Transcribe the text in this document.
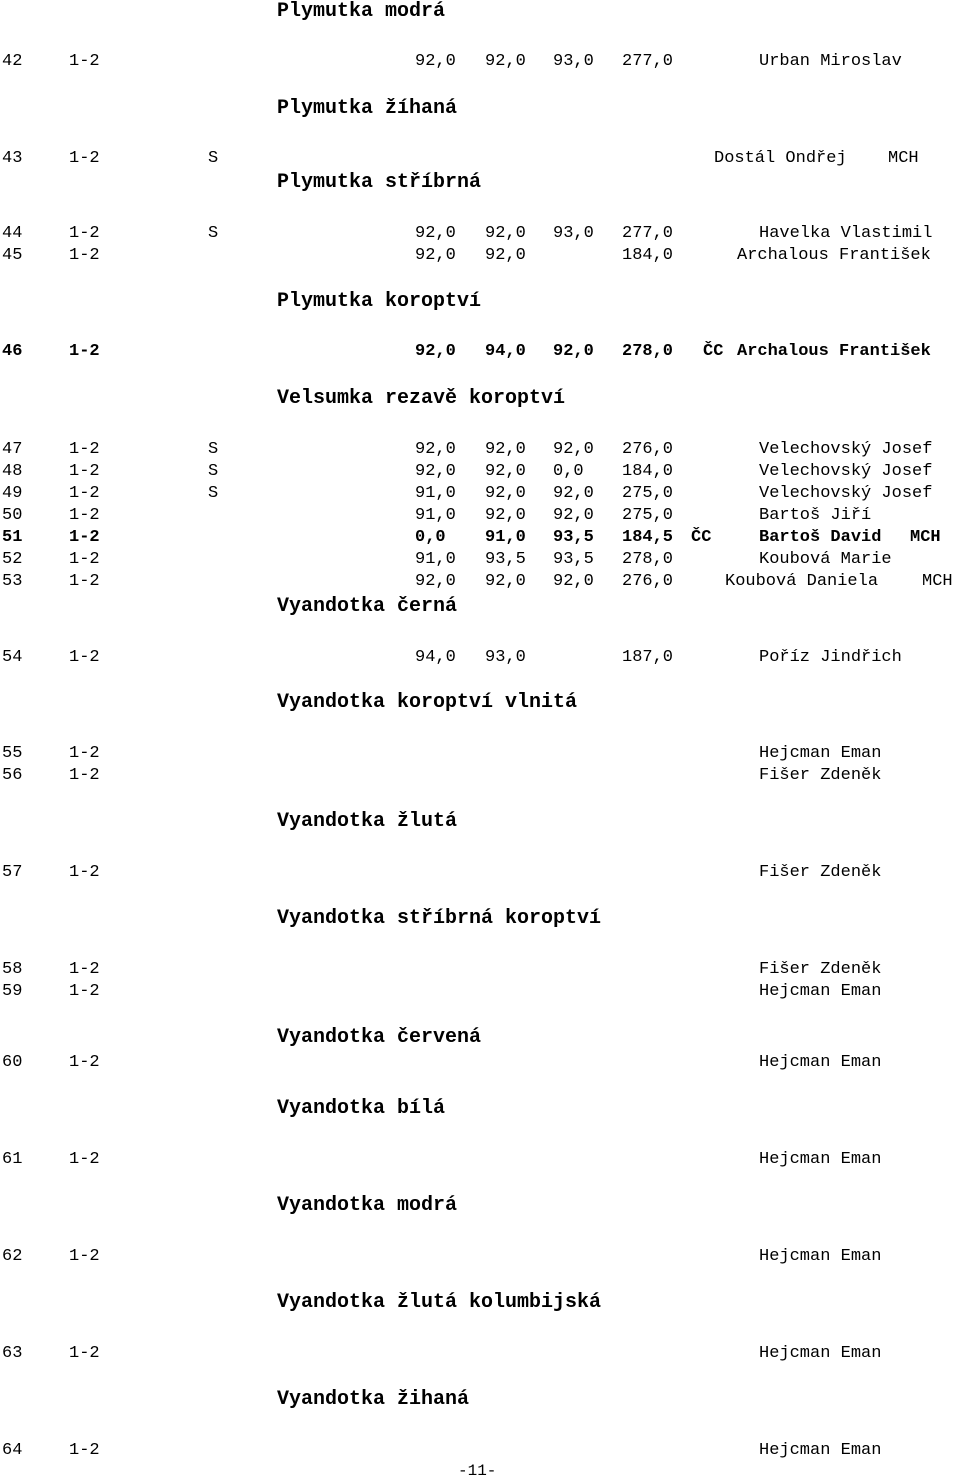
Plymutka modrá
Plymutka žíhaná
Plymutka stříbrná
Plymutka koroptví
Velsumka rezavě koroptví
Vyandotka černá
Vyandotka koroptví vlnitá
Vyandotka žlutá
Vyandotka stříbrná koroptví
Vyandotka červená
Vyandotka bílá
Vyandotka modrá
Vyandotka žlutá kolumbijská
Vyandotka žihaná
42	1-2	92,0 92,0 93,0 277,0	Urban Miroslav
43	1-2	S	Dostál Ondřej MCH
44	1-2	S	92,0 92,0 93,0 277,0	Havelka Vlastimil
45	1-2	92,0 92,0	184,0	Archalous František
46	1-2	92,0 94,0 92,0 278,0 ČC Archalous František
47	1-2	S	92,0 92,0 92,0 276,0	Velechovský Josef
48	1-2	S	92,0 92,0 0,0 184,0	Velechovský Josef
49	1-2	S	91,0 92,0 92,0 275,0	Velechovský Josef
50	1-2	91,0 92,0 92,0 275,0	Bartoš Jiří
51	1-2	0,0 91,0 93,5 184,5 ČC	Bartoš David MCH
52	1-2	91,0 93,5 93,5 278,0	Koubová Marie
53	1-2	92,0 92,0 92,0 276,0	Koubová Daniela	MCH
54	1-2	94,0 93,0	187,0	Poříz Jindřich
55	1-2	Hejcman Eman
56	1-2	Fišer Zdeněk
57	1-2	Fišer Zdeněk
58	1-2	Fišer Zdeněk
59	1-2	Hejcman Eman
60	1-2	Hejcman Eman
61	1-2	Hejcman Eman
62	1-2	Hejcman Eman
63	1-2	Hejcman Eman
64	1-2	Hejcman Eman
-11-
